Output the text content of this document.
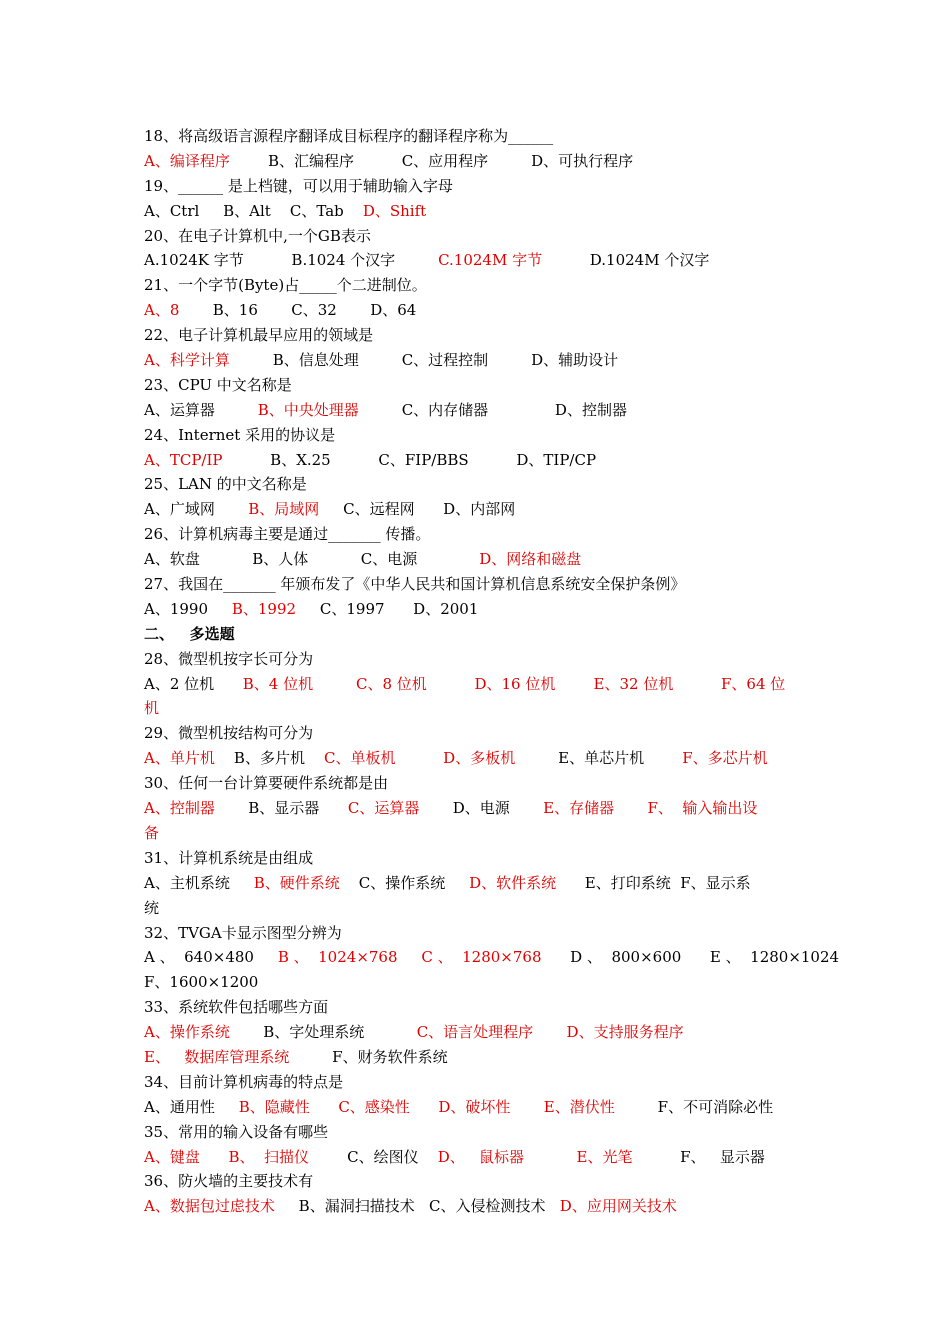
18、将高级语言源程序翻译成目标程序的翻译程序称为______
A、编译程序        B、汇编程序          C、应用程序         D、可执行程序
19、______ 是上档键，可以用于辅助输入字母
A、Ctrl     B、Alt    C、Tab    D、Shift
20、在电子计算机中,一个GB表示
A.1024K 字节          B.1024 个汉字         C.1024M 字节          D.1024M 个汉字
21、一个字节(Byte)占_____个二进制位。
A、8       B、16       C、32       D、64
22、电子计算机最早应用的领域是
A、科学计算         B、信息处理         C、过程控制         D、辅助设计
23、CPU 中文名称是
A、运算器         B、中央处理器         C、内存储器              D、控制器
24、Internet 采用的协议是
A、TCP/IP          B、X.25          C、FIP/BBS          D、TIP/CP
25、LAN 的中文名称是
A、广域网       B、局域网     C、远程网      D、内部网
26、计算机病毒主要是通过_______ 传播。
A、软盘           B、人体           C、电源             D、网络和磁盘
27、我国在_______ 年颁布发了《中华人民共和国计算机信息系统安全保护条例》
A、1990     B、1992     C、1997      D、2001
二、   多选题
28、微型机按字长可分为
A、2 位机      B、4 位机         C、8 位机          D、16 位机        E、32 位机          F、64 位
机
29、微型机按结构可分为
A、单片机    B、多片机    C、单板机          D、多板机         E、单芯片机        F、多芯片机
30、任何一台计算要硬件系统都是由
A、控制器       B、显示器      C、运算器       D、电源       E、存储器       F、  输入输出设
备
31、计算机系统是由组成
A、主机系统     B、硬件系统    C、操作系统     D、软件系统      E、打印系统  F、显示系
统
32、TVGA卡显示图型分辨为
A 、  640×480     B 、  1024×768     C 、  1280×768      D 、  800×600      E 、  1280×1024
F、1600×1200
33、系统软件包括哪些方面
A、操作系统       B、字处理系统           C、语言处理程序       D、支持服务程序
E、   数据库管理系统         F、财务软件系统
34、目前计算机病毒的特点是
A、通用性     B、隐藏性      C、感染性      D、破坏性       E、潜伏性         F、不可消除必性
35、常用的输入设备有哪些
A、键盘      B、  扫描仪        C、绘图仪    D、   鼠标器           E、光笔          F、   显示器
36、防火墙的主要技术有
A、数据包过虑技术     B、漏洞扫描技术   C、入侵检测技术   D、应用网关技术
